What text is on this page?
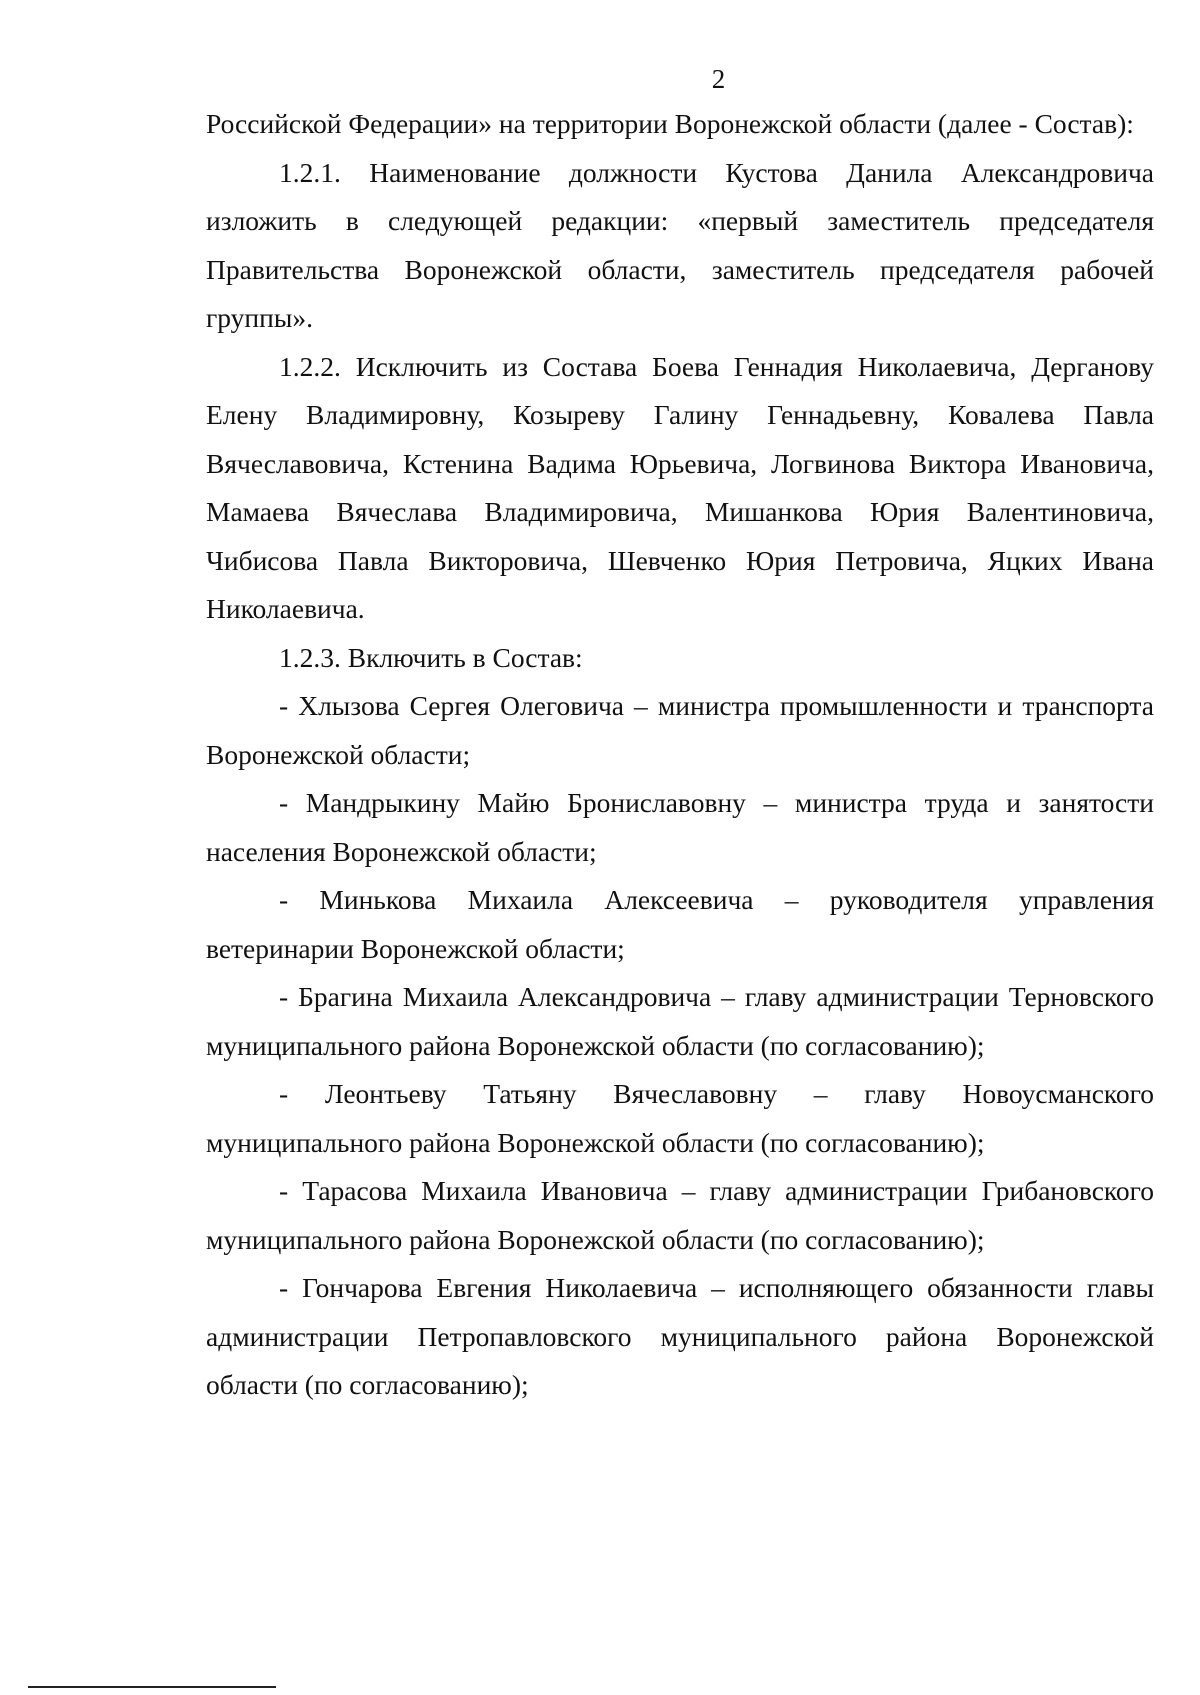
2

Российской Федерации» на территории Воронежской области (далее - Состав):

1.2.1. Наименование должности Кустова Данила Александровича изложить в следующей редакции: «первый заместитель председателя Правительства Воронежской области, заместитель председателя рабочей группы».

1.2.2. Исключить из Состава Боева Геннадия Николаевича, Дерганову Елену Владимировну, Козыреву Галину Геннадьевну, Ковалева Павла Вячеславовича, Кстенина Вадима Юрьевича, Логвинова Виктора Ивановича, Мамаева Вячеслава Владимировича, Мишанкова Юрия Валентиновича, Чибисова Павла Викторовича, Шевченко Юрия Петровича, Яцких Ивана Николаевича.

1.2.3. Включить в Состав:

- Хлызова Сергея Олеговича – министра промышленности и транспорта Воронежской области;

- Мандрыкину Майю Брониславовну – министра труда и занятости населения Воронежской области;

- Минькова Михаила Алексеевича – руководителя управления ветеринарии Воронежской области;

- Брагина Михаила Александровича – главу администрации Терновского муниципального района Воронежской области (по согласованию);

- Леонтьеву Татьяну Вячеславовну – главу Новоусманского муниципального района Воронежской области (по согласованию);

- Тарасова Михаила Ивановича – главу администрации Грибановского муниципального района Воронежской области (по согласованию);

- Гончарова Евгения Николаевича – исполняющего обязанности главы администрации Петропавловского муниципального района Воронежской области (по согласованию);
